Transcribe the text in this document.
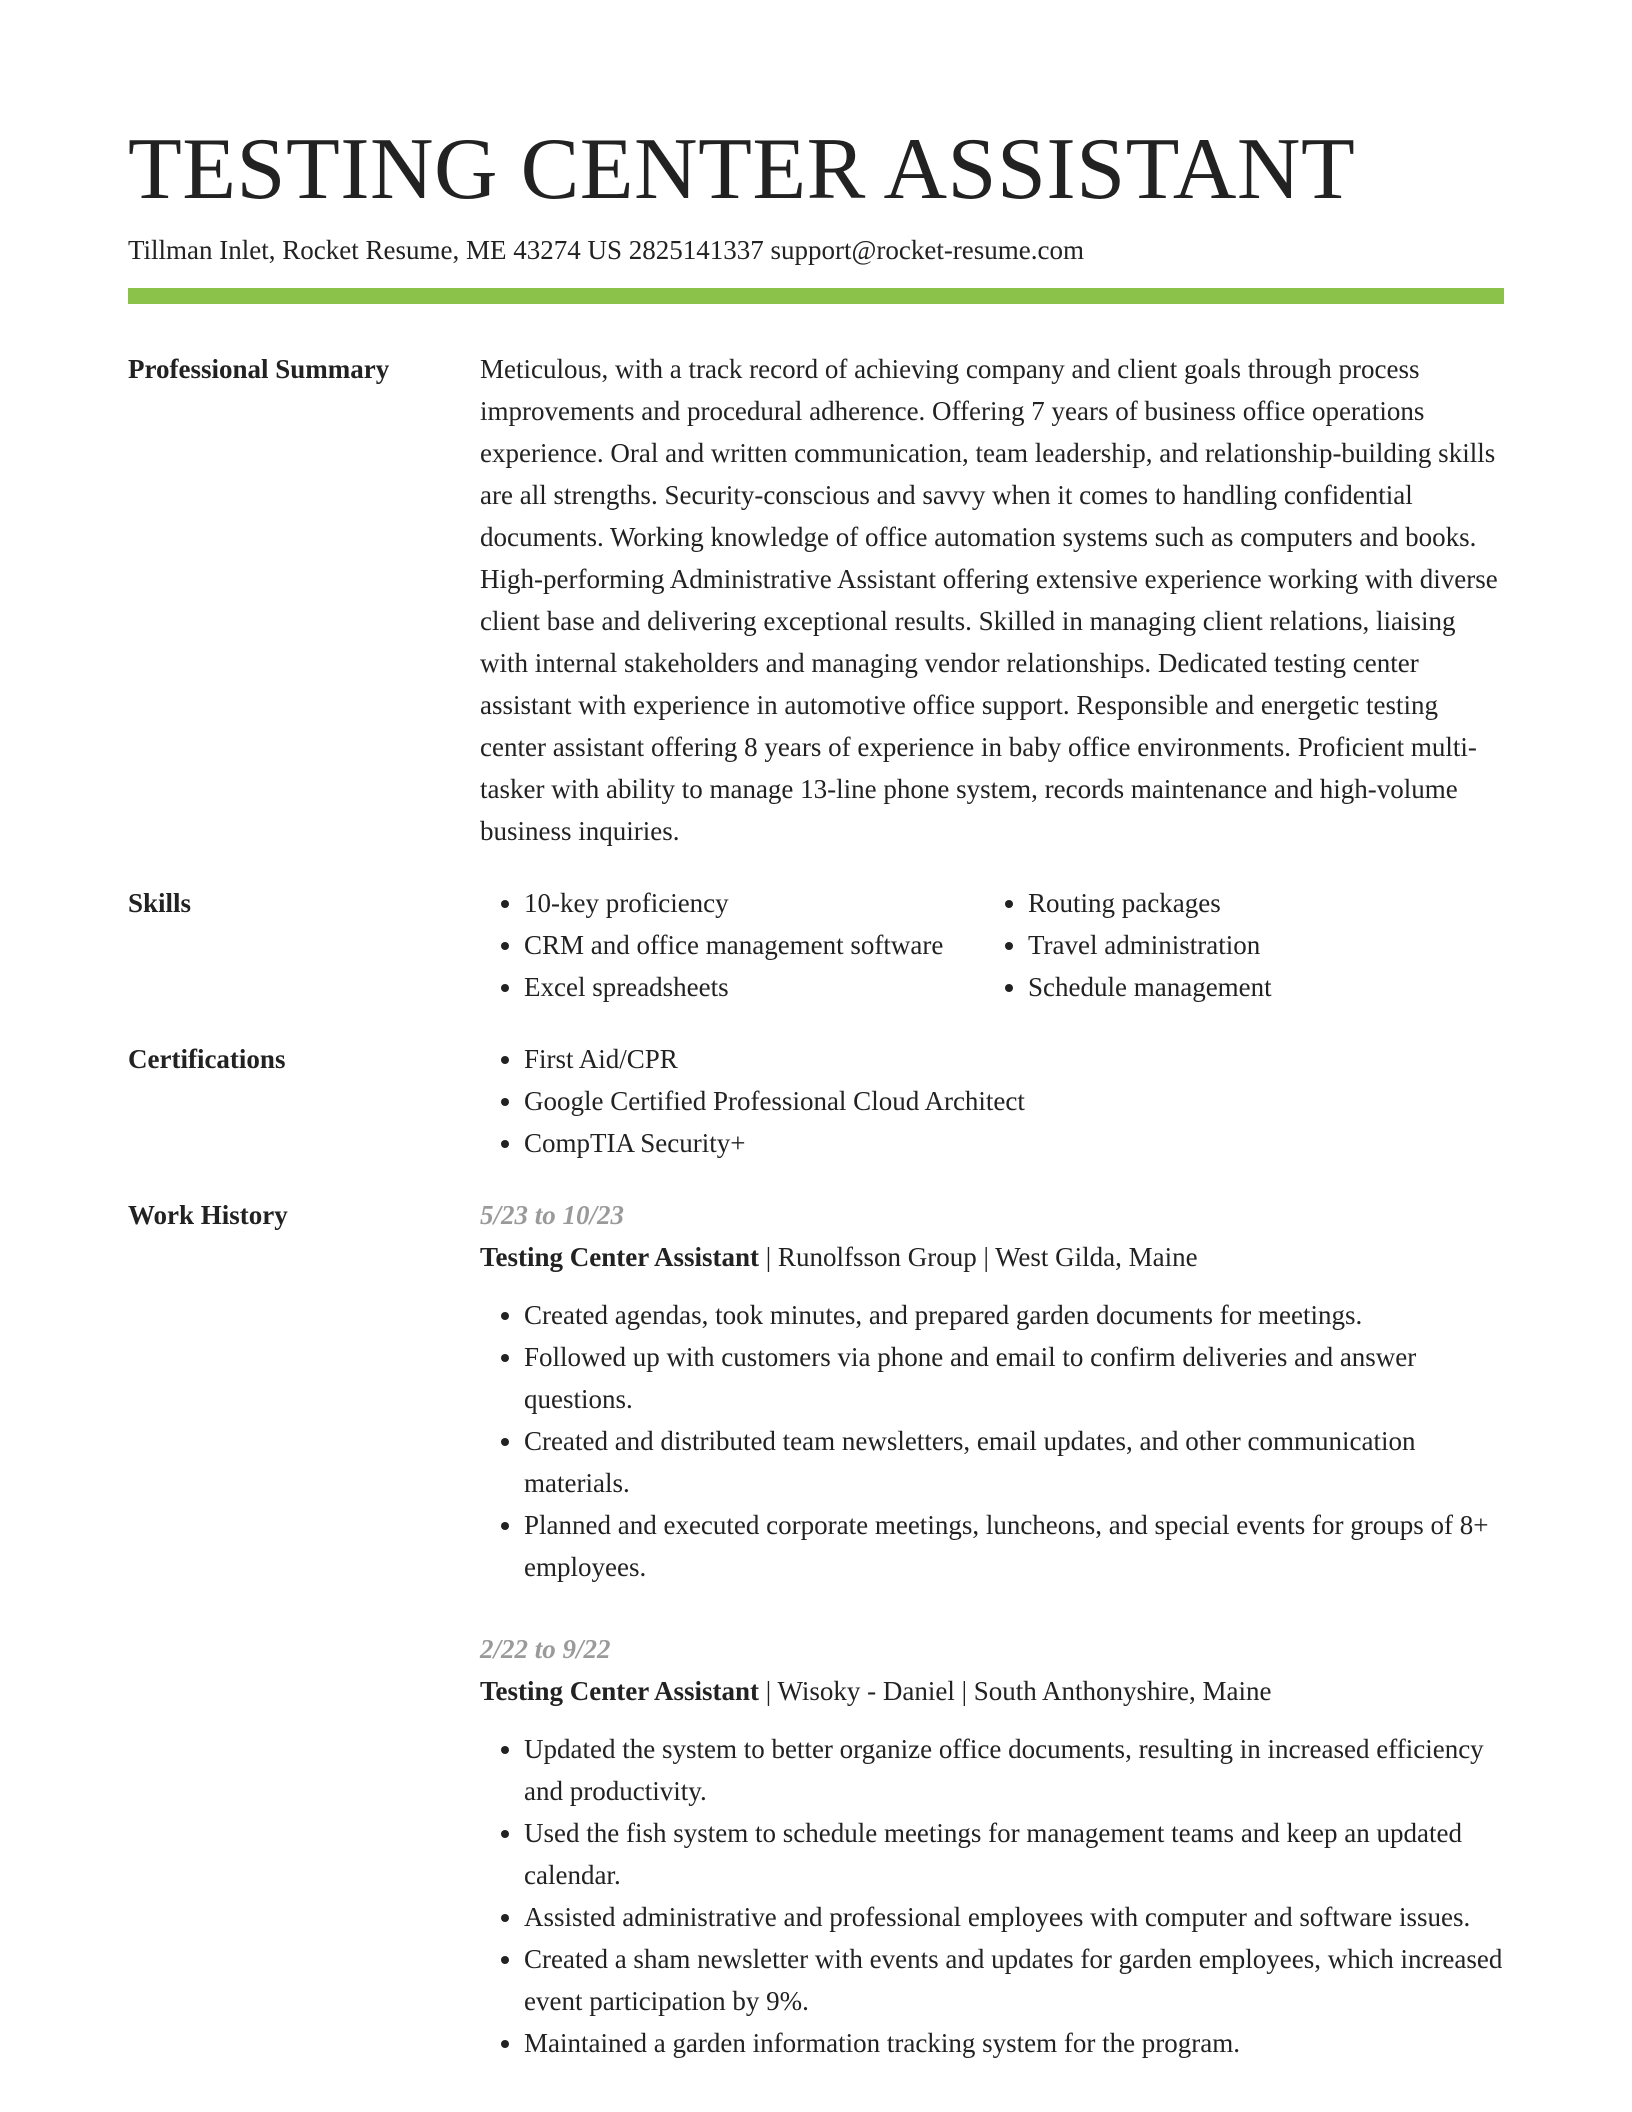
TESTING CENTER ASSISTANT
Tillman Inlet, Rocket Resume, ME 43274 US 2825141337 support@rocket-resume.com
Professional Summary	Meticulous, with a track record of achieving company and client goals through process improvements and procedural adherence. Offering 7 years of business office operations experience. Oral and written communication, team leadership, and relationship-building skills are all strengths. Security-conscious and savvy when it comes to handling confidential documents. Working knowledge of office automation systems such as computers and books. High-performing Administrative Assistant offering extensive experience working with diverse client base and delivering exceptional results. Skilled in managing client relations, liaising with internal stakeholders and managing vendor relationships. Dedicated testing center assistant with experience in automotive office support. Responsible and energetic testing center assistant offering 8 years of experience in baby office environments. Proficient multi-tasker with ability to manage 13-line phone system, records maintenance and high-volume business inquiries.

Skills	• 10-key proficiency
• CRM and office management software
• Excel spreadsheets
• Routing packages
• Travel administration
• Schedule management
Certifications	• First Aid/CPR
• Google Certified Professional Cloud Architect
• CompTIA Security+
Work History	5/23 to 10/23
Testing Center Assistant | Runolfsson Group | West Gilda, Maine
• Created agendas, took minutes, and prepared garden documents for meetings.
• Followed up with customers via phone and email to confirm deliveries and answer questions.
• Created and distributed team newsletters, email updates, and other communication materials.
• Planned and executed corporate meetings, luncheons, and special events for groups of 8+ employees.
2/22 to 9/22
Testing Center Assistant | Wisoky - Daniel | South Anthonyshire, Maine
• Updated the system to better organize office documents, resulting in increased efficiency and productivity.
• Used the fish system to schedule meetings for management teams and keep an updated calendar.
• Assisted administrative and professional employees with computer and software issues.
• Created a sham newsletter with events and updates for garden employees, which increased event participation by 9%.
• Maintained a garden information tracking system for the program.
